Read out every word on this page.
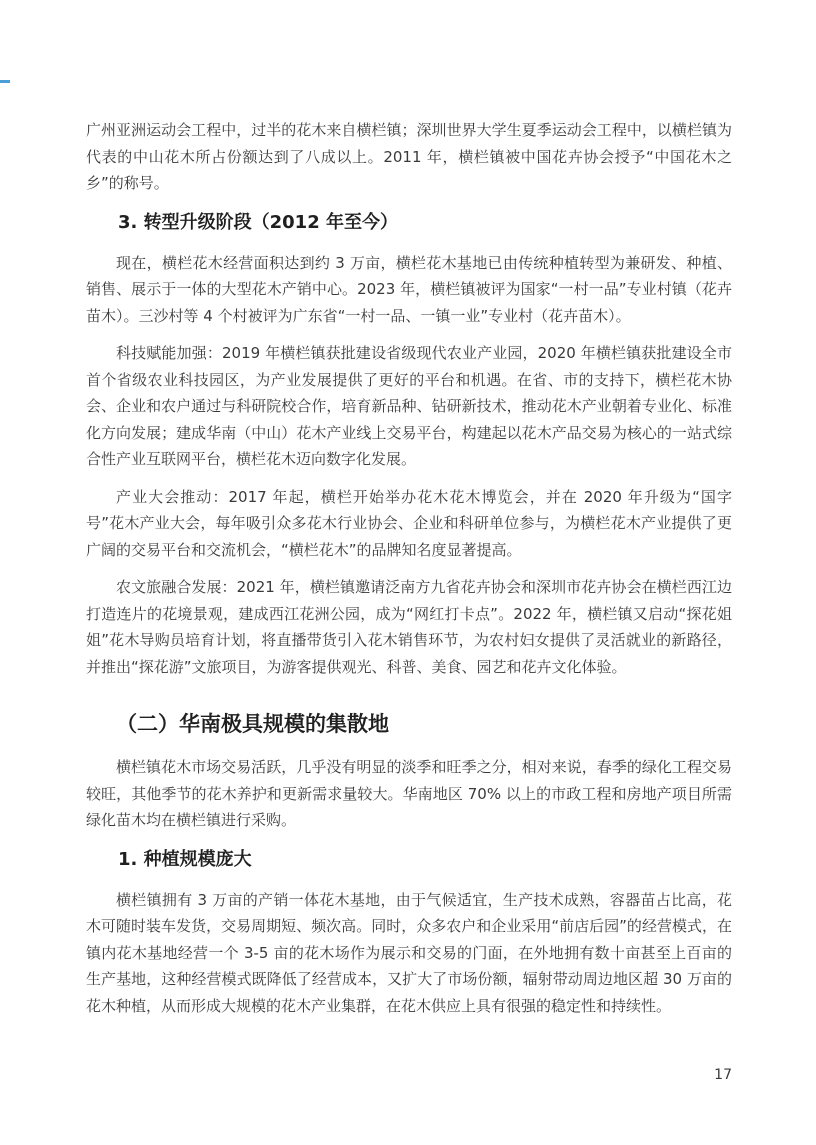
广州亚洲运动会工程中，过半的花木来自横栏镇；深圳世界大学生夏季运动会工程中，以横栏镇为代表的中山花木所占份额达到了八成以上。2011 年，横栏镇被中国花卉协会授予“中国花木之乡”的称号。

3. 转型升级阶段（2012 年至今）

现在，横栏花木经营面积达到约 3 万亩，横栏花木基地已由传统种植转型为兼研发、种植、销售、展示于一体的大型花木产销中心。2023 年，横栏镇被评为国家“一村一品”专业村镇（花卉苗木）。三沙村等 4 个村被评为广东省“一村一品、一镇一业”专业村（花卉苗木）。

科技赋能加强：2019 年横栏镇获批建设省级现代农业产业园，2020 年横栏镇获批建设全市首个省级农业科技园区，为产业发展提供了更好的平台和机遇。在省、市的支持下，横栏花木协会、企业和农户通过与科研院校合作，培育新品种、钻研新技术，推动花木产业朝着专业化、标准化方向发展；建成华南（中山）花木产业线上交易平台，构建起以花木产品交易为核心的一站式综合性产业互联网平台，横栏花木迈向数字化发展。

产业大会推动：2017 年起，横栏开始举办花木花木博览会，并在 2020 年升级为“国字号”花木产业大会，每年吸引众多花木行业协会、企业和科研单位参与，为横栏花木产业提供了更广阔的交易平台和交流机会，“横栏花木”的品牌知名度显著提高。

农文旅融合发展：2021 年，横栏镇邀请泛南方九省花卉协会和深圳市花卉协会在横栏西江边打造连片的花境景观，建成西江花洲公园，成为“网红打卡点”。2022 年，横栏镇又启动“探花姐姐”花木导购员培育计划，将直播带货引入花木销售环节，为农村妇女提供了灵活就业的新路径，并推出“探花游”文旅项目，为游客提供观光、科普、美食、园艺和花卉文化体验。

（二）华南极具规模的集散地

横栏镇花木市场交易活跃，几乎没有明显的淡季和旺季之分，相对来说，春季的绿化工程交易较旺，其他季节的花木养护和更新需求量较大。华南地区 70% 以上的市政工程和房地产项目所需绿化苗木均在横栏镇进行采购。

1. 种植规模庞大

横栏镇拥有 3 万亩的产销一体花木基地，由于气候适宜，生产技术成熟，容器苗占比高，花木可随时装车发货，交易周期短、频次高。同时，众多农户和企业采用“前店后园”的经营模式，在镇内花木基地经营一个 3-5 亩的花木场作为展示和交易的门面，在外地拥有数十亩甚至上百亩的生产基地，这种经营模式既降低了经营成本，又扩大了市场份额，辐射带动周边地区超 30 万亩的花木种植，从而形成大规模的花木产业集群，在花木供应上具有很强的稳定性和持续性。

17
